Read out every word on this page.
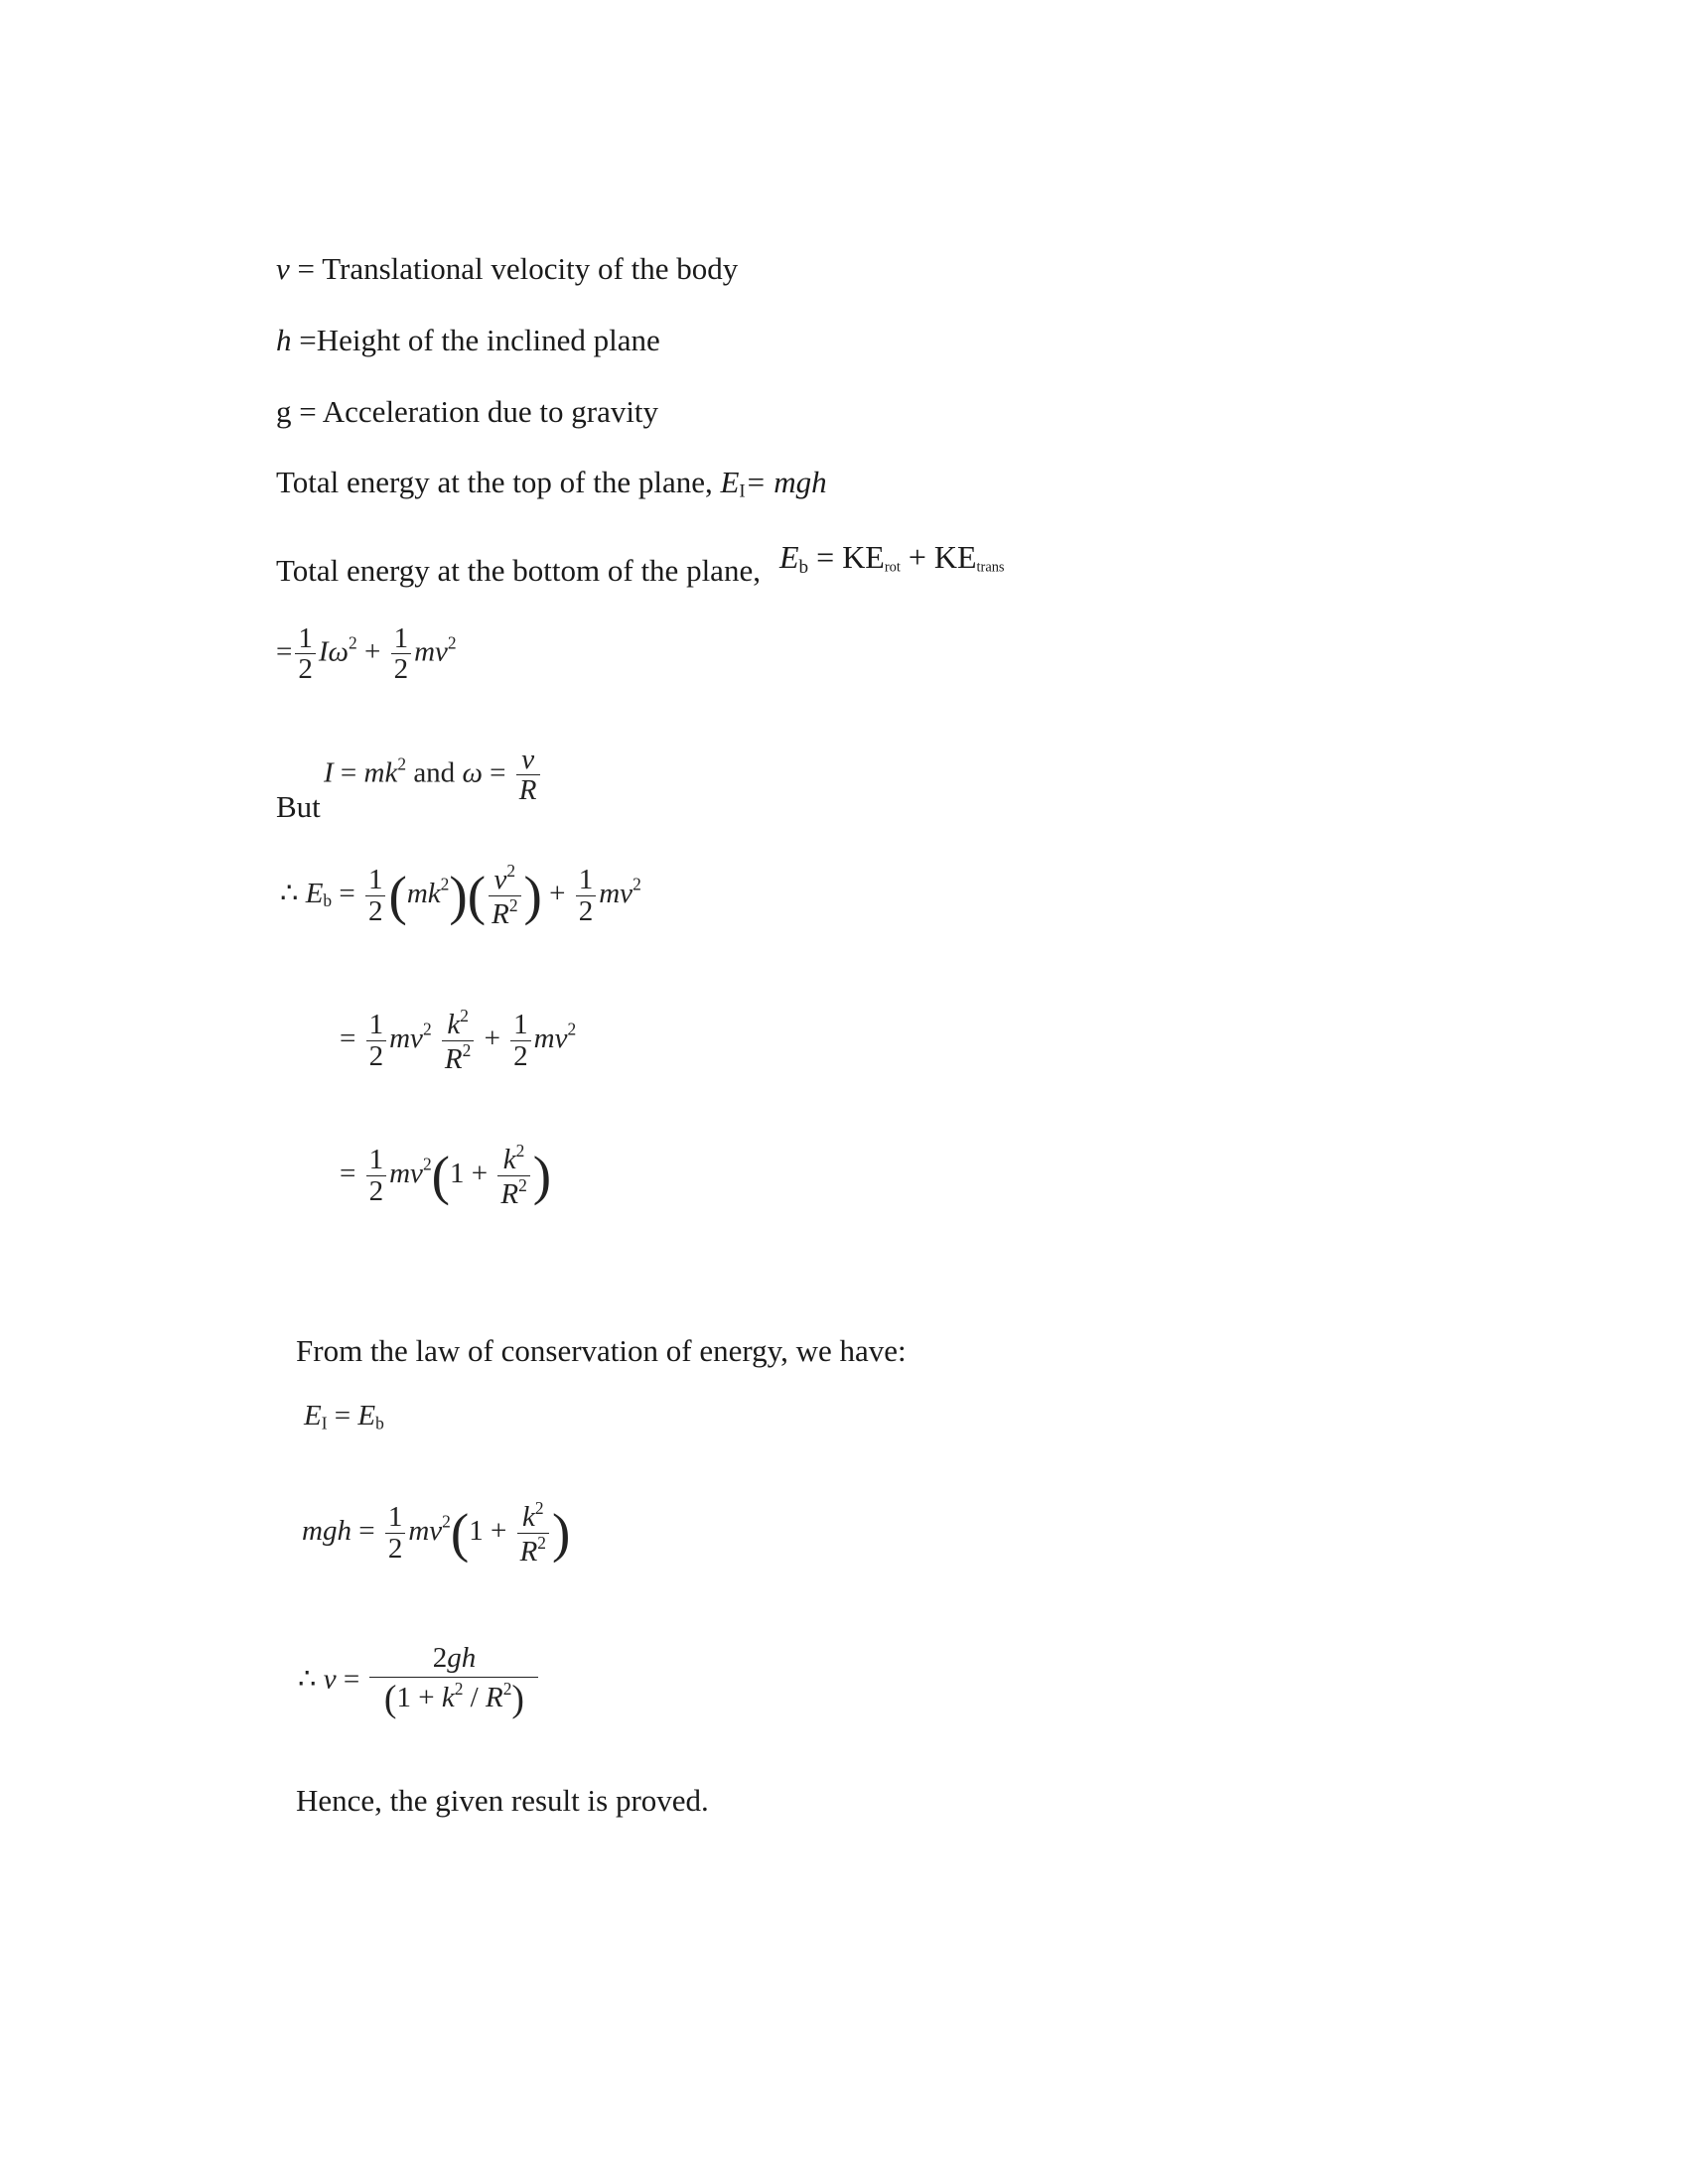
v = Translational velocity of the body
h =Height of the inclined plane
g = Acceleration due to gravity
Total energy at the top of the plane, $E_I=$ mgh
Total energy at the bottom of the plane, $E_b = KE_{rot} + KE_{trans}$
= $\frac{1}{2} I\omega^2 + \frac{1}{2} mv^2$
But
$I = mk^2$ and $\omega = \frac{v}{R}$
∴ $E_b = \frac{1}{2} (mk^2)( \frac{v^2}{R^2}$ ) + $\frac{1}{2} mv^2$
= $\frac{1}{2} mv^2 \frac{k^2}{R^2} + \frac{1}{2} mv^2$
= $\frac{1}{2} mv^2(1 + \frac{k^2}{R^2}$ )
From the law of conservation of energy, we have:
$E_I = E_b$
mgh = $\frac{1}{2} mv^2(1 + \frac{k^2}{R^2}$ )
∴ $v = \frac{2gh}{(1 + k^2 / R^2)}$
Hence, the given result is proved.
